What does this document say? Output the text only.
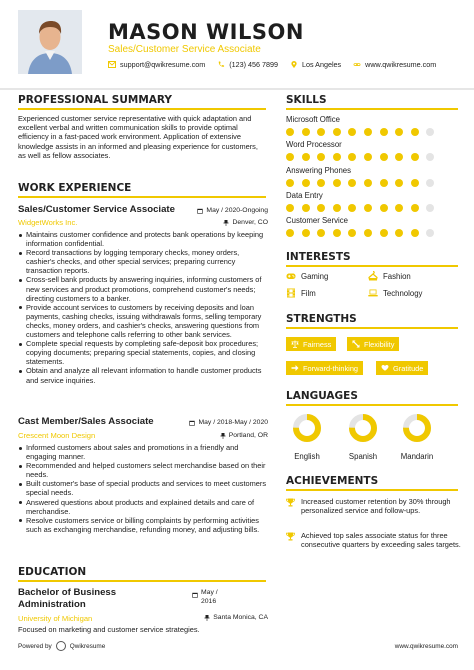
MASON WILSON
Sales/Customer Service Associate
support@qwikresume.com	(123) 456 7899	Los Angeles	www.qwikresume.com
PROFESSIONAL SUMMARY
Experienced customer service representative with quick adaptation and excellent verbal and written communication skills to provide optimal efficiency in a fast-paced work environment. Application of extensive knowledge assists in an informed and pleasing experience for customers, as well as fellow associates.
WORK EXPERIENCE
Sales/Customer Service Associate	May / 2020-Ongoing
WidgetWorks Inc.	Denver, CO
Maintains customer confidence and protects bank operations by keeping information confidential.
Record transactions by logging temporary checks, money orders, cashier's checks, and other special services; preparing currency transaction reports.
Cross-sell bank products by answering inquiries, informing customers of new services and product promotions, comprehend customer's needs; directing customers to a banker.
Provide account services to customers by receiving deposits and loan payments, cashing checks, issuing withdrawals forms, selling temporary checks, money orders, and cashier's checks, answering questions from customers and telephone calls referring to other bank services.
Complete special requests by completing safe-deposit box procedures; copying documents; preparing special statements, copies, and closing statements.
Obtain and analyze all relevant information to handle customer products and service inquiries.
Cast Member/Sales Associate	May / 2018-May / 2020
Crescent Moon Design	Portland, OR
Informed customers about sales and promotions in a friendly and engaging manner.
Recommended and helped customers select merchandise based on their needs.
Built customer's base of special products and services to meet customers special needs.
Answered questions about products and explained details and care of merchandise.
Resolve customers service or billing complaints by performing activities such as exchanging merchandise, refunding money, and adjusting bills.
EDUCATION
Bachelor of Business Administration
May /
2016
University of Michigan	Santa Monica, CA
Focused on marketing and customer service strategies.
SKILLS
Microsoft Office
Word Processor
Answering Phones
Data Entry
Customer Service
INTERESTS
Gaming	Fashion
Film	Technology
STRENGTHS
Fairness	Flexibility
Forward-thinking	Gratitude
LANGUAGES
English	Spanish	Mandarin
ACHIEVEMENTS
Increased customer retention by 30% through personalized service and follow-ups.
Achieved top sales associate status for three consecutive quarters by exceeding sales targets.
Powered by	Qwikresume	www.qwikresume.com
